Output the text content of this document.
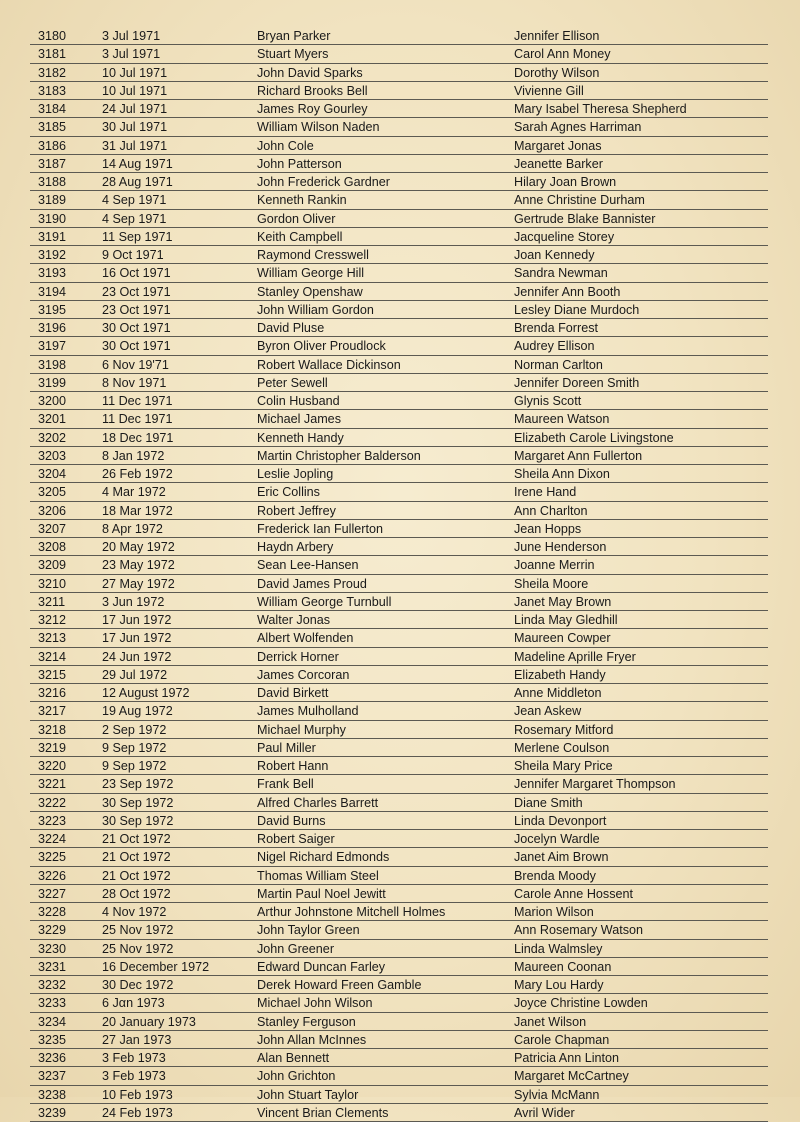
3180	3 Jul 1971	Bryan Parker	Jennifer Ellison
3181	3 Jul 1971	Stuart Myers	Carol Ann Money
3182	10 Jul 1971	John David Sparks	Dorothy Wilson
3183	10 Jul 1971	Richard Brooks Bell	Vivienne Gill
3184	24 Jul 1971	James Roy Gourley	Mary Isabel Theresa Shepherd
3185	30 Jul 1971	William Wilson Naden	Sarah Agnes Harriman
3186	31 Jul 1971	John Cole	Margaret Jonas
3187	14 Aug 1971	John Patterson	Jeanette Barker
3188	28 Aug 1971	John Frederick Gardner	Hilary Joan Brown
3189	4 Sep 1971	Kenneth Rankin	Anne Christine Durham
3190	4 Sep 1971	Gordon Oliver	Gertrude Blake Bannister
3191	11 Sep 1971	Keith Campbell	Jacqueline Storey
3192	9 Oct 1971	Raymond Cresswell	Joan Kennedy
3193	16 Oct 1971	William George Hill	Sandra Newman
3194	23 Oct 1971	Stanley Openshaw	Jennifer Ann Booth
3195	23 Oct 1971	John William Gordon	Lesley Diane Murdoch
3196	30 Oct 1971	David Pluse	Brenda Forrest
3197	30 Oct 1971	Byron Oliver Proudlock	Audrey Ellison
3198	6 Nov 19'71	Robert Wallace Dickinson	Norman Carlton
3199	8 Nov 1971	Peter Sewell	Jennifer Doreen Smith
3200	11 Dec 1971	Colin Husband	Glynis Scott
3201	11 Dec 1971	Michael James	Maureen Watson
3202	18 Dec 1971	Kenneth Handy	Elizabeth Carole Livingstone
3203	8 Jan 1972	Martin Christopher Balderson	Margaret Ann Fullerton
3204	26 Feb 1972	Leslie Jopling	Sheila Ann Dixon
3205	4 Mar 1972	Eric Collins	Irene Hand
3206	18 Mar 1972	Robert Jeffrey	Ann Charlton
3207	8 Apr 1972	Frederick Ian Fullerton	Jean Hopps
3208	20 May 1972	Haydn Arbery	June Henderson
3209	23 May 1972	Sean Lee-Hansen	Joanne Merrin
3210	27 May 1972	David James Proud	Sheila Moore
3211	3 Jun 1972	William George Turnbull	Janet May Brown
3212	17 Jun 1972	Walter Jonas	Linda May Gledhill
3213	17 Jun 1972	Albert Wolfenden	Maureen Cowper
3214	24 Jun 1972	Derrick Horner	Madeline Aprille Fryer
3215	29 Jul 1972	James Corcoran	Elizabeth Handy
3216	12 August 1972	David Birkett	Anne Middleton
3217	19 Aug 1972	James Mulholland	Jean Askew
3218	2 Sep 1972	Michael Murphy	Rosemary Mitford
3219	9 Sep 1972	Paul Miller	Merlene Coulson
3220	9 Sep 1972	Robert Hann	Sheila Mary Price
3221	23 Sep 1972	Frank Bell	Jennifer Margaret Thompson
3222	30 Sep 1972	Alfred Charles Barrett	Diane Smith
3223	30 Sep 1972	David Burns	Linda Devonport
3224	21 Oct 1972	Robert Saiger	Jocelyn Wardle
3225	21 Oct 1972	Nigel Richard Edmonds	Janet Aim Brown
3226	21 Oct 1972	Thomas William Steel	Brenda Moody
3227	28 Oct 1972	Martin Paul Noel Jewitt	Carole Anne Hossent
3228	4 Nov 1972	Arthur Johnstone Mitchell Holmes	Marion Wilson
3229	25 Nov 1972	John Taylor Green	Ann Rosemary Watson
3230	25 Nov 1972	John Greener	Linda Walmsley
3231	16 December 1972	Edward Duncan Farley	Maureen Coonan
3232	30 Dec 1972	Derek Howard Freen Gamble	Mary Lou Hardy
3233	6 Jαn 1973	Michael John Wilson	Joyce Christine Lowden
3234	20 January 1973	Stanley Ferguson	Janet Wilson
3235	27 Jan 1973	John Allan McInnes	Carole Chapman
3236	3 Feb 1973	Alan Bennett	Patricia Ann Linton
3237	3 Feb 1973	John Grichton	Margaret McCartney
3238	10 Feb 1973	John Stuart Taylor	Sylvia McMann
3239	24 Feb 1973	Vincent Brian Clements	Avril Wider
